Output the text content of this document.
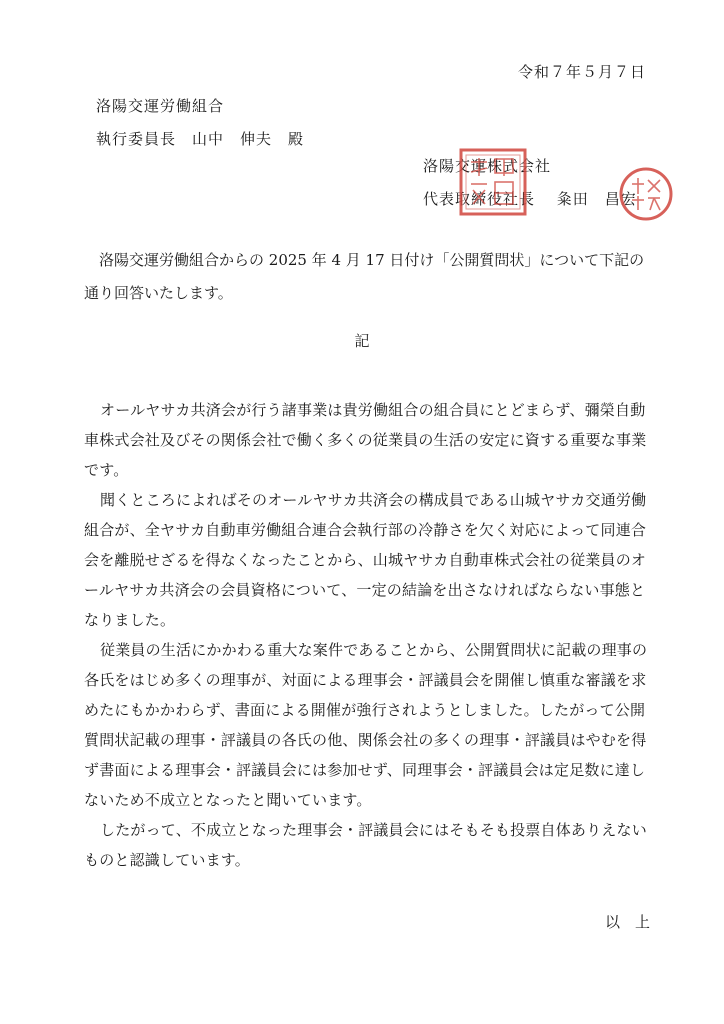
令和７年５月７日
洛陽交運労働組合
執行委員長　山中　伸夫　殿
洛陽交運株式会社
代表取締役社長　 粂田　昌宏

洛陽交運労働組合からの 2025 年 4 月 17 日付け「公開質問状」について下記の通り回答いたします。

記

オールヤサカ共済会が行う諸事業は貴労働組合の組合員にとどまらず、彌榮自動車株式会社及びその関係会社で働く多くの従業員の生活の安定に資する重要な事業です。

聞くところによればそのオールヤサカ共済会の構成員である山城ヤサカ交通労働組合が、全ヤサカ自動車労働組合連合会執行部の冷静さを欠く対応によって同連合会を離脱せざるを得なくなったことから、山城ヤサカ自動車株式会社の従業員のオールヤサカ共済会の会員資格について、一定の結論を出さなければならない事態となりました。

従業員の生活にかかわる重大な案件であることから、公開質問状に記載の理事の各氏をはじめ多くの理事が、対面による理事会・評議員会を開催し慎重な審議を求めたにもかかわらず、書面による開催が強行されようとしました。したがって公開質問状記載の理事・評議員の各氏の他、関係会社の多くの理事・評議員はやむを得ず書面による理事会・評議員会には参加せず、同理事会・評議員会は定足数に達しないため不成立となったと聞いています。

したがって、不成立となった理事会・評議員会にはそもそも投票自体ありえないものと認識しています。

以　上
